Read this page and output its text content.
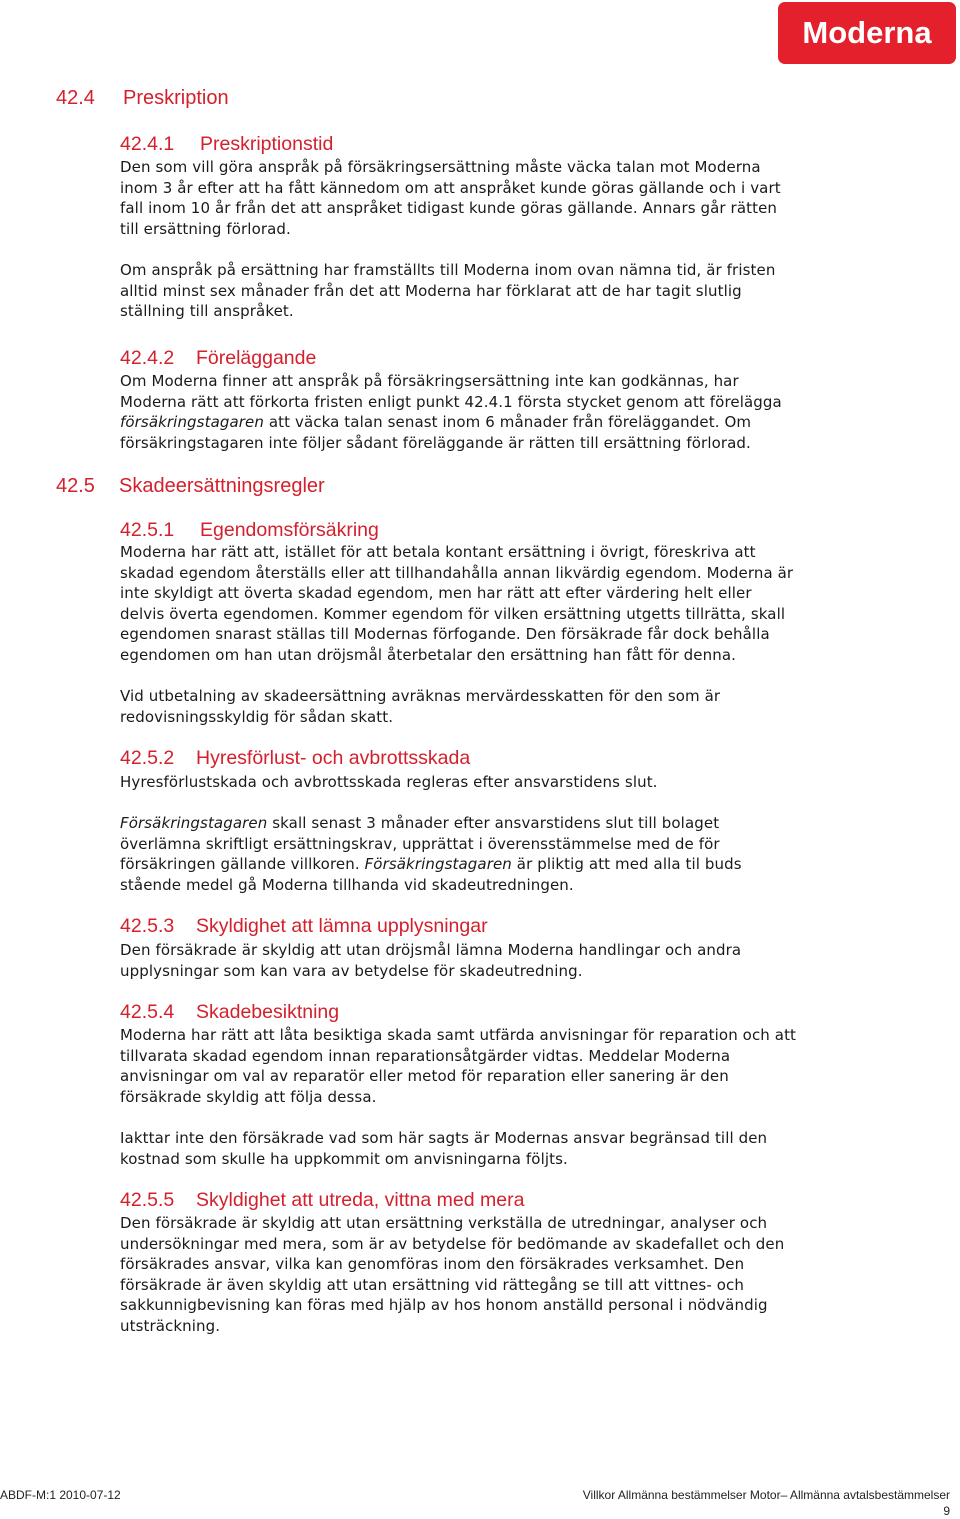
Moderna
42.4 Preskription
42.4.1 Preskriptionstid
Den som vill göra anspråk på försäkringsersättning måste väcka talan mot Moderna
inom 3 år efter att ha fått kännedom om att anspråket kunde göras gällande och i vart
fall inom 10 år från det att anspråket tidigast kunde göras gällande. Annars går rätten
till ersättning förlorad.
Om anspråk på ersättning har framställts till Moderna inom ovan nämna tid, är fristen
alltid minst sex månader från det att Moderna har förklarat att de har tagit slutlig
ställning till anspråket.
42.4.2 Föreläggande
Om Moderna finner att anspråk på försäkringsersättning inte kan godkännas, har
Moderna rätt att förkorta fristen enligt punkt 42.4.1 första stycket genom att förelägga
försäkringstagaren att väcka talan senast inom 6 månader från föreläggandet. Om
försäkringstagaren inte följer sådant föreläggande är rätten till ersättning förlorad.
42.5 Skadeersättningsregler
42.5.1 Egendomsförsäkring
Moderna har rätt att, istället för att betala kontant ersättning i övrigt, föreskriva att
skadad egendom återställs eller att tillhandahålla annan likvärdig egendom. Moderna är
inte skyldigt att överta skadad egendom, men har rätt att efter värdering helt eller
delvis överta egendomen. Kommer egendom för vilken ersättning utgetts tillrätta, skall
egendomen snarast ställas till Modernas förfogande. Den försäkrade får dock behålla
egendomen om han utan dröjsmål återbetalar den ersättning han fått för denna.
Vid utbetalning av skadeersättning avräknas mervärdesskatten för den som är
redovisningsskyldig för sådan skatt.
42.5.2 Hyresförlust- och avbrottsskada
Hyresförlustskada och avbrottsskada regleras efter ansvarstidens slut.
Försäkringstagaren skall senast 3 månader efter ansvarstidens slut till bolaget
överlämna skriftligt ersättningskrav, upprättat i överensstämmelse med de för
försäkringen gällande villkoren. Försäkringstagaren är pliktig att med alla til buds
stående medel gå Moderna tillhanda vid skadeutredningen.
42.5.3 Skyldighet att lämna upplysningar
Den försäkrade är skyldig att utan dröjsmål lämna Moderna handlingar och andra
upplysningar som kan vara av betydelse för skadeutredning.
42.5.4 Skadebesiktning
Moderna har rätt att låta besiktiga skada samt utfärda anvisningar för reparation och att
tillvarata skadad egendom innan reparationsåtgärder vidtas. Meddelar Moderna
anvisningar om val av reparatör eller metod för reparation eller sanering är den
försäkrade skyldig att följa dessa.
Iakttar inte den försäkrade vad som här sagts är Modernas ansvar begränsad till den
kostnad som skulle ha uppkommit om anvisningarna följts.
42.5.5 Skyldighet att utreda, vittna med mera
Den försäkrade är skyldig att utan ersättning verkställa de utredningar, analyser och
undersökningar med mera, som är av betydelse för bedömande av skadefallet och den
försäkrades ansvar, vilka kan genomföras inom den försäkrades verksamhet. Den
försäkrade är även skyldig att utan ersättning vid rättegång se till att vittnes- och
sakkunnigbevisning kan föras med hjälp av hos honom anställd personal i nödvändig
utsträckning.
ABDF-M:1 2010-07-12	Villkor Allmänna bestämmelser Motor– Allmänna avtalsbestämmelser
9
